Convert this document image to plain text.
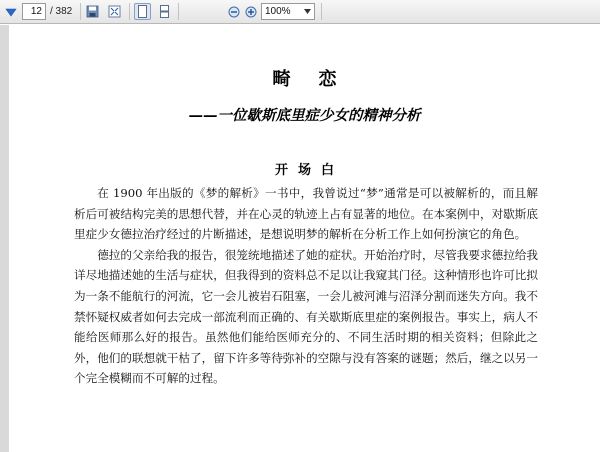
12 / 382	100%
畸恋
——一位歇斯底里症少女的精神分析
开场白

在 1900 年出版的《梦的解析》一书中，我曾说过“梦”通常是可以被解析的，而且解析后可被结构完美的思想代替，并在心灵的轨迹上占有显著的地位。在本案例中，对歇斯底里症少女德拉治疗经过的片断描述，是想说明梦的解析在分析工作上如何扮演它的角色。

德拉的父亲给我的报告，很笼统地描述了她的症状。开始治疗时，尽管我要求德拉给我详尽地描述她的生活与症状，但我得到的资料总不足以让我窥其门径。这种情形也许可比拟为一条不能航行的河流，它一会儿被岩石阻塞，一会儿被河滩与沼泽分割而迷失方向。我不禁怀疑权威者如何去完成一部流利而正确的、有关歇斯底里症的案例报告。事实上，病人不能给医师那么好的报告。虽然他们能给医师充分的、不同生活时期的相关资料；但除此之外，他们的联想就干枯了，留下许多等待弥补的空隙与没有答案的谜题；然后，继之以另一个完全模糊而不可解的过程。
